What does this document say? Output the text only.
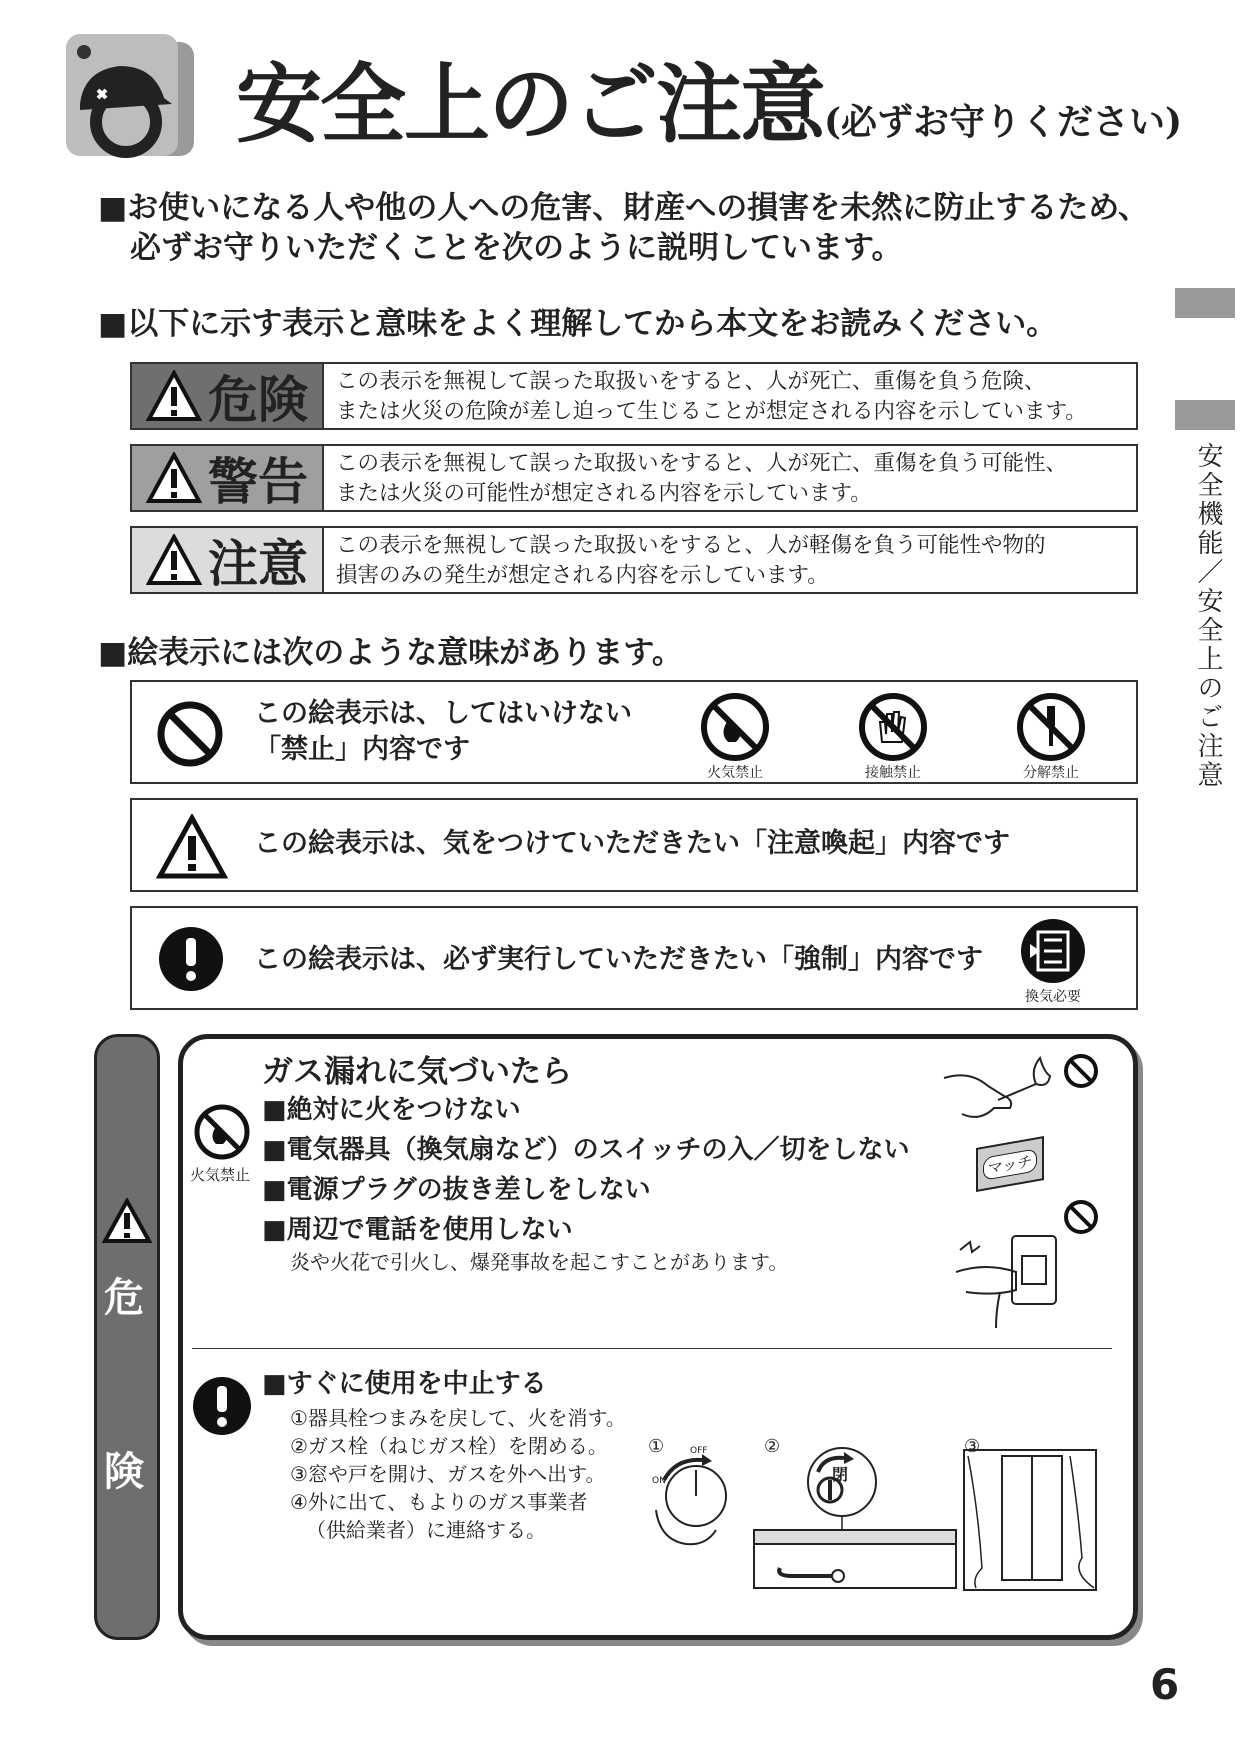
安全上のご注意(必ずお守りください)
■ お使いになる人や他の人への危害、財産への損害を未然に防止するため、
必ずお守りいただくことを次のように説明しています。
■ 以下に示す表示と意味をよく理解してから本文をお読みください。
危険 この表示を無視して誤った取扱いをすると、人が死亡、重傷を負う危険、
または火災の危険が差し迫って生じることが想定される内容を示しています。
警告 この表示を無視して誤った取扱いをすると、人が死亡、重傷を負う可能性、
または火災の可能性が想定される内容を示しています。
注意 この表示を無視して誤った取扱いをすると、人が軽傷を負う可能性や物的
損害のみの発生が想定される内容を示しています。
■ 絵表示には次のような意味があります。
この絵表示は、してはいけない
「禁止」内容です
火気禁止	接触禁止	分解禁止
この絵表示は、気をつけていただきたい「注意喚起」内容です
この絵表示は、必ず実行していただきたい「強制」内容です
換気必要
危
険
ガス漏れに気づいたら
火気禁止
■ 絶対に火をつけない
■ 電気器具（換気扇など）のスイッチの入／切をしない
■ 電源プラグの抜き差しをしない
■ 周辺で電話を使用しない
炎や火花で引火し、爆発事故を起こすことがあります。
マッチ
■ すぐに使用を中止する
①器具栓つまみを戻して、火を消す。
②ガス栓（ねじガス栓）を閉める。
③窓や戸を開け、ガスを外へ出す。
④外に出て、もよりのガス事業者
（供給業者）に連絡する。
①	OFF
ON
②
閉
③
安全機能／安全上のご注意
6
